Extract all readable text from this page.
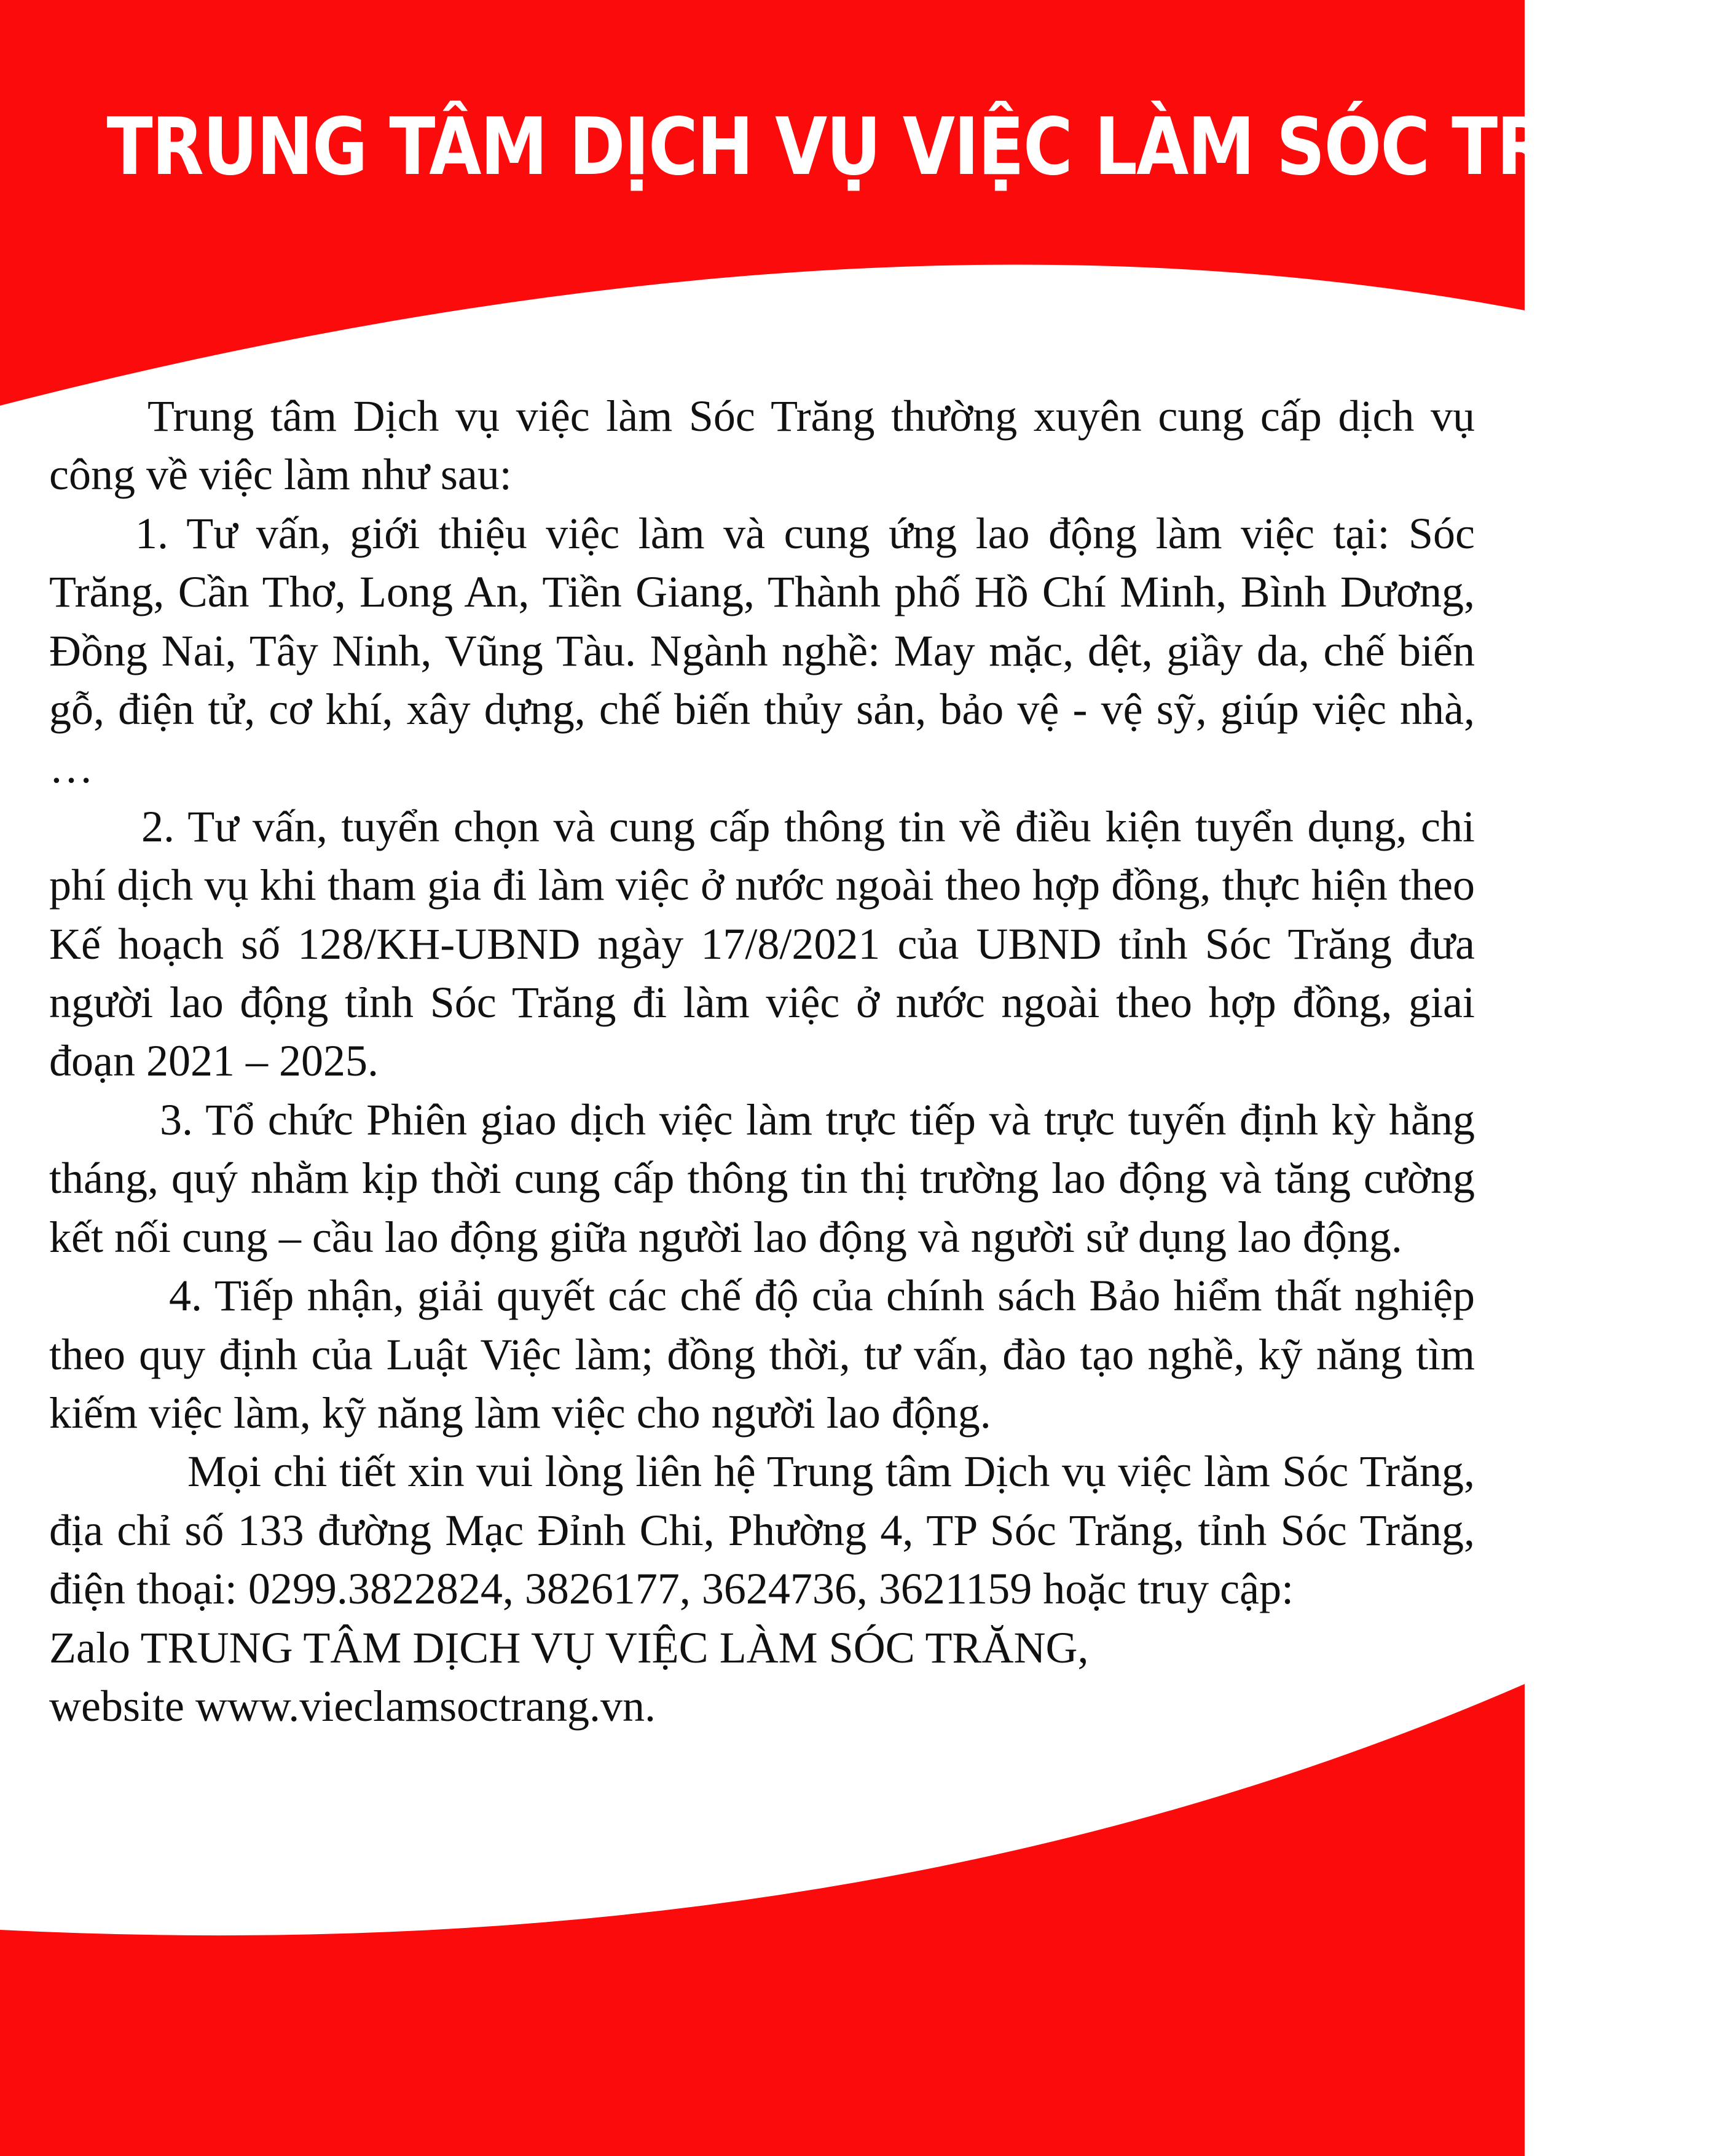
TRUNG TÂM DỊCH VỤ VIỆC LÀM SÓC TRĂNG

Trung tâm Dịch vụ việc làm Sóc Trăng thường xuyên cung cấp dịch vụ công về việc làm như sau:

1. Tư vấn, giới thiệu việc làm và cung ứng lao động làm việc tại: Sóc Trăng, Cần Thơ, Long An, Tiền Giang, Thành phố Hồ Chí Minh, Bình Dương, Đồng Nai, Tây Ninh, Vũng Tàu. Ngành nghề: May mặc, dệt, giầy da, chế biến gỗ, điện tử, cơ khí, xây dựng, chế biến thủy sản, bảo vệ - vệ sỹ, giúp việc nhà, …

2. Tư vấn, tuyển chọn và cung cấp thông tin về điều kiện tuyển dụng, chi phí dịch vụ khi tham gia đi làm việc ở nước ngoài theo hợp đồng, thực hiện theo Kế hoạch số 128/KH-UBND ngày 17/8/2021 của UBND tỉnh Sóc Trăng đưa người lao động tỉnh Sóc Trăng đi làm việc ở nước ngoài theo hợp đồng, giai đoạn 2021 – 2025.

3. Tổ chức Phiên giao dịch việc làm trực tiếp và trực tuyến định kỳ hằng tháng, quý nhằm kịp thời cung cấp thông tin thị trường lao động và tăng cường kết nối cung – cầu lao động giữa người lao động và người sử dụng lao động.

4. Tiếp nhận, giải quyết các chế độ của chính sách Bảo hiểm thất nghiệp theo quy định của Luật Việc làm; đồng thời, tư vấn, đào tạo nghề, kỹ năng tìm kiếm việc làm, kỹ năng làm việc cho người lao động.

Mọi chi tiết xin vui lòng liên hệ Trung tâm Dịch vụ việc làm Sóc Trăng, địa chỉ số 133 đường Mạc Đỉnh Chi, Phường 4, TP Sóc Trăng, tỉnh Sóc Trăng, điện thoại: 0299.3822824, 3826177, 3624736, 3621159 hoặc truy cập:

Zalo TRUNG TÂM DỊCH VỤ VIỆC LÀM SÓC TRĂNG,

website www.vieclamsoctrang.vn.
